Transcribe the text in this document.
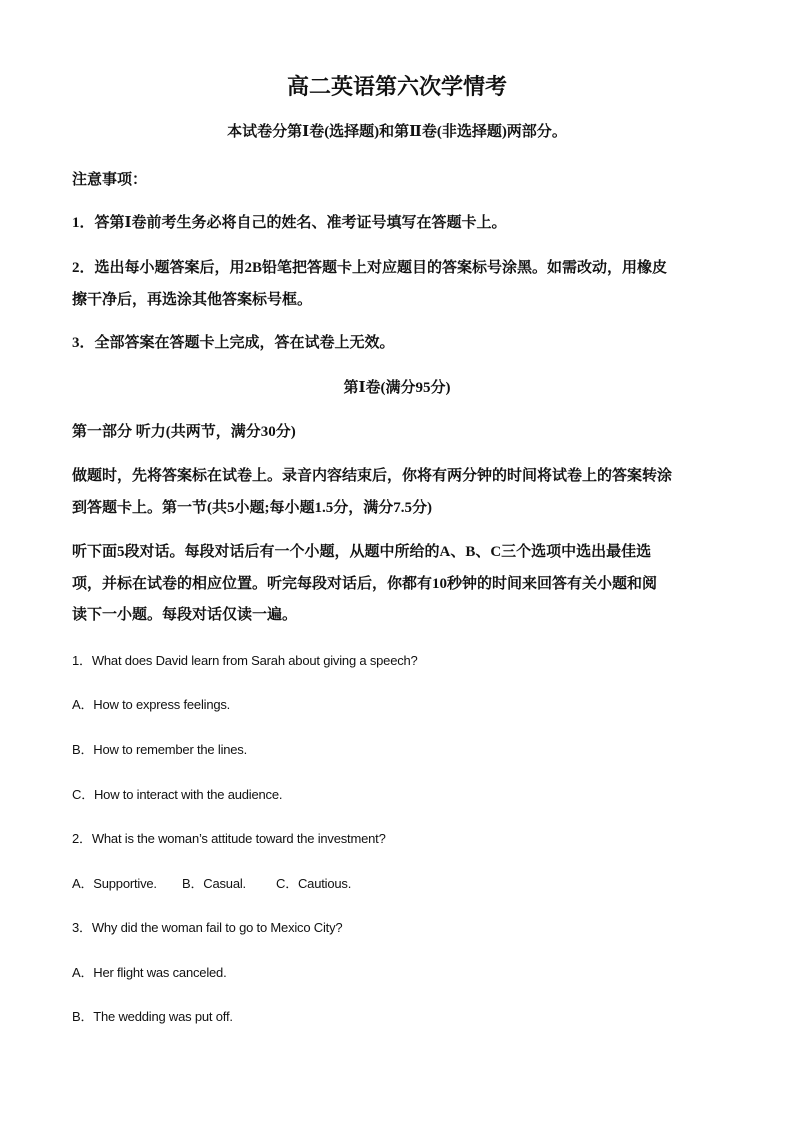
高二英语第六次学情考
本试卷分第Ⅰ卷(选择题)和第Ⅱ卷(非选择题)两部分。
注意事项：
1．答第Ⅰ卷前考生务必将自己的姓名、准考证号填写在答题卡上。
2．选出每小题答案后，用2B铅笔把答题卡上对应题目的答案标号涂黑。如需改动，用橡皮
擦干净后，再选涂其他答案标号框。
3．全部答案在答题卡上完成，答在试卷上无效。
第Ⅰ卷(满分95分)
第一部分 听力(共两节，满分30分)
做题时，先将答案标在试卷上。录音内容结束后，你将有两分钟的时间将试卷上的答案转涂
到答题卡上。第一节(共5小题;每小题1.5分，满分7.5分)
听下面5段对话。每段对话后有一个小题，从题中所给的A、B、C三个选项中选出最佳选
项，并标在试卷的相应位置。听完每段对话后，你都有10秒钟的时间来回答有关小题和阅
读下一小题。每段对话仅读一遍。
1．What does David learn from Sarah about giving a speech?
A．How to express feelings.
B．How to remember the lines.
C．How to interact with the audience.
2．What is the woman’s attitude toward the investment?
A．Supportive. B．Casual. C．Cautious.
3．Why did the woman fail to go to Mexico City?
A．Her flight was canceled.
B．The wedding was put off.
